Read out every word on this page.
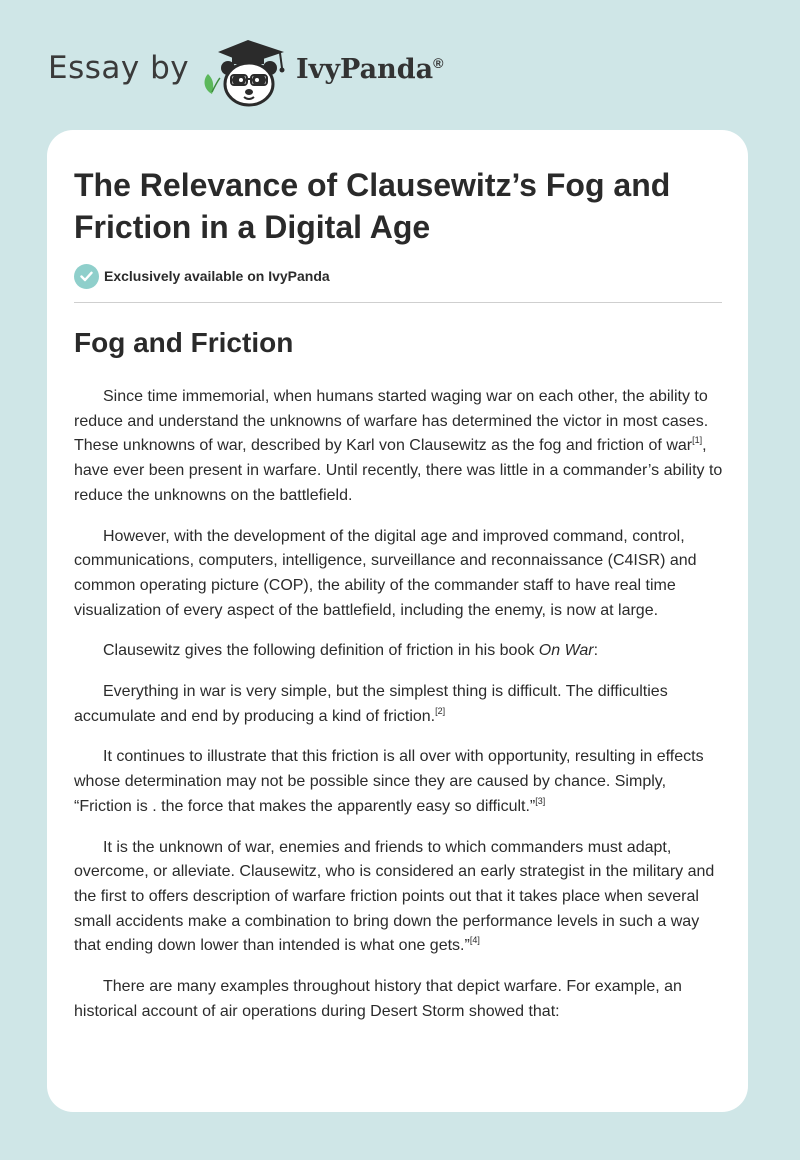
Essay by	IvyPanda®
The Relevance of Clausewitz’s Fog and Friction in a Digital Age
Exclusively available on IvyPanda
Fog and Friction

Since time immemorial, when humans started waging war on each other, the ability to reduce and understand the unknowns of warfare has determined the victor in most cases. These unknowns of war, described by Karl von Clausewitz as the fog and friction of war[1], have ever been present in warfare. Until recently, there was little in a commander’s ability to reduce the unknowns on the battlefield.

However, with the development of the digital age and improved command, control, communications, computers, intelligence, surveillance and reconnaissance (C4ISR) and common operating picture (COP), the ability of the commander staff to have real time visualization of every aspect of the battlefield, including the enemy, is now at large.

Clausewitz gives the following definition of friction in his book On War:

Everything in war is very simple, but the simplest thing is difficult. The difficulties accumulate and end by producing a kind of friction.[2]

It continues to illustrate that this friction is all over with opportunity, resulting in effects whose determination may not be possible since they are caused by chance. Simply, “Friction is . the force that makes the apparently easy so difficult.”[3]

It is the unknown of war, enemies and friends to which commanders must adapt, overcome, or alleviate. Clausewitz, who is considered an early strategist in the military and the first to offers description of warfare friction points out that it takes place when several small accidents make a combination to bring down the performance levels in such a way that ending down lower than intended is what one gets.”[4]

There are many examples throughout history that depict warfare. For example, an historical account of air operations during Desert Storm showed that:
